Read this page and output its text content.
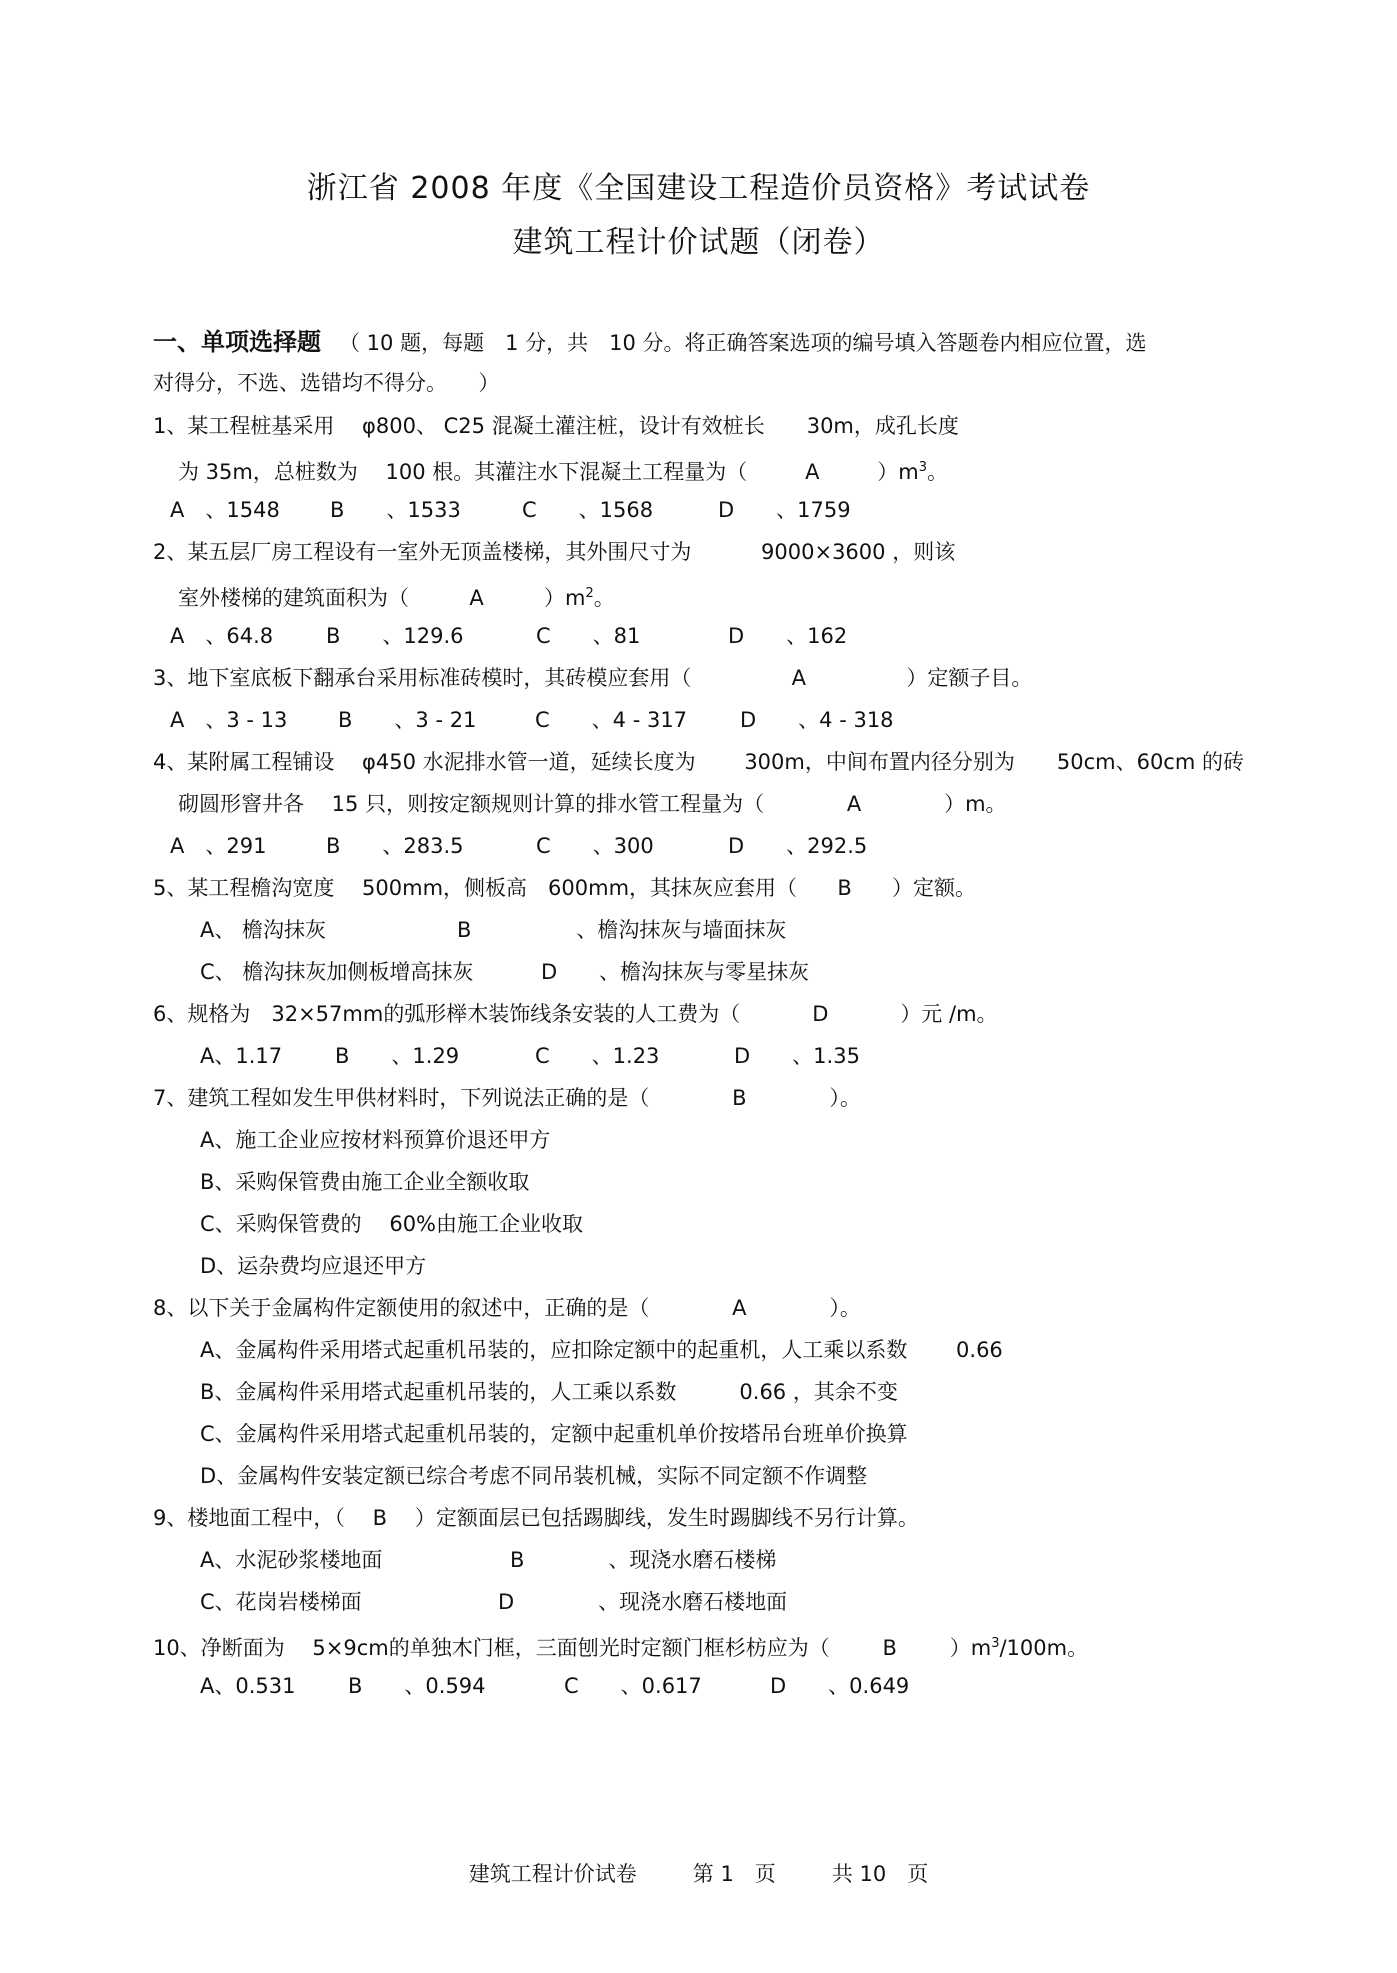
浙江省 2008 年度《全国建设工程造价员资格》考试试卷
建筑工程计价试题（闭卷）
一、单项选择题 （ 10 题，每题　1 分，共　10 分。将正确答案选项的编号填入答题卷内相应位置，选
对得分，不选、选错均不得分。　　）
1、某工程桩基采用　 φ800、 C25 混凝土灌注桩，设计有效桩长　　30m，成孔长度
为 35m，总桩数为　 100 根。其灌注水下混凝土工程量为（	A	）$m^3$。
A　、1548 B　　、1533	C　　、1568	D　　、1759
2、某五层厂房工程设有一室外无顶盖楼梯，其外围尺寸为　　　 9000×3600 ，则该
室外楼梯的建筑面积为（	A	）$m^2$。
A　、64.8	B　　、129.6	C　　、81	D　　、162
3、地下室底板下翻承台采用标准砖模时，其砖模应套用（	A	）定额子目。
A　、3 - 13 B　　、3 - 21	C　　、4 - 317	D　　、4 - 318
4、某附属工程铺设　 φ450 水泥排水管一道，延续长度为　　 300m，中间布置内径分别为　　50cm、60cm 的砖
砌圆形窨井各　 15 只，则按定额规则计算的排水管工程量为（	A	）m。
A　、291	B　　、283.5	C　　、300	D　　、292.5
5、某工程檐沟宽度　 500mm，侧板高　600mm，其抹灰应套用（ B ）定额。
A、 檐沟抹灰	B　　　　　、檐沟抹灰与墙面抹灰
C、 檐沟抹灰加侧板增高抹灰	D　　、檐沟抹灰与零星抹灰
6、规格为　32×57mm的弧形榉木装饰线条安装的人工费为（	D	）元 /m。
A、1.17	B　　、1.29	C　　、1.23	D　　、1.35
7、建筑工程如发生甲供材料时，下列说法正确的是（	B	）。
A、施工企业应按材料预算价退还甲方
B、采购保管费由施工企业全额收取
C、采购保管费的　 60%由施工企业收取
D、运杂费均应退还甲方
8、以下关于金属构件定额使用的叙述中，正确的是（	A	）。
A、金属构件采用塔式起重机吊装的，应扣除定额中的起重机，人工乘以系数　　 0.66
B、金属构件采用塔式起重机吊装的，人工乘以系数　　　0.66 ，其余不变
C、金属构件采用塔式起重机吊装的，定额中起重机单价按塔吊台班单价换算
D、金属构件安装定额已综合考虑不同吊装机械，实际不同定额不作调整
9、楼地面工程中，（ B ）定额面层已包括踢脚线，发生时踢脚线不另行计算。
A、水泥砂浆楼地面	B　　　　、现浇水磨石楼梯
C、花岗岩楼梯面	D　　　　、现浇水磨石楼地面
10、净断面为　 5×9cm的单独木门框，三面刨光时定额门框杉枋应为（	B	）$m^3/100m$。
A、0.531	B　　、0.594	C　　、0.617	D　　、0.649
建筑工程计价试卷	第 1　页	共 10　页
